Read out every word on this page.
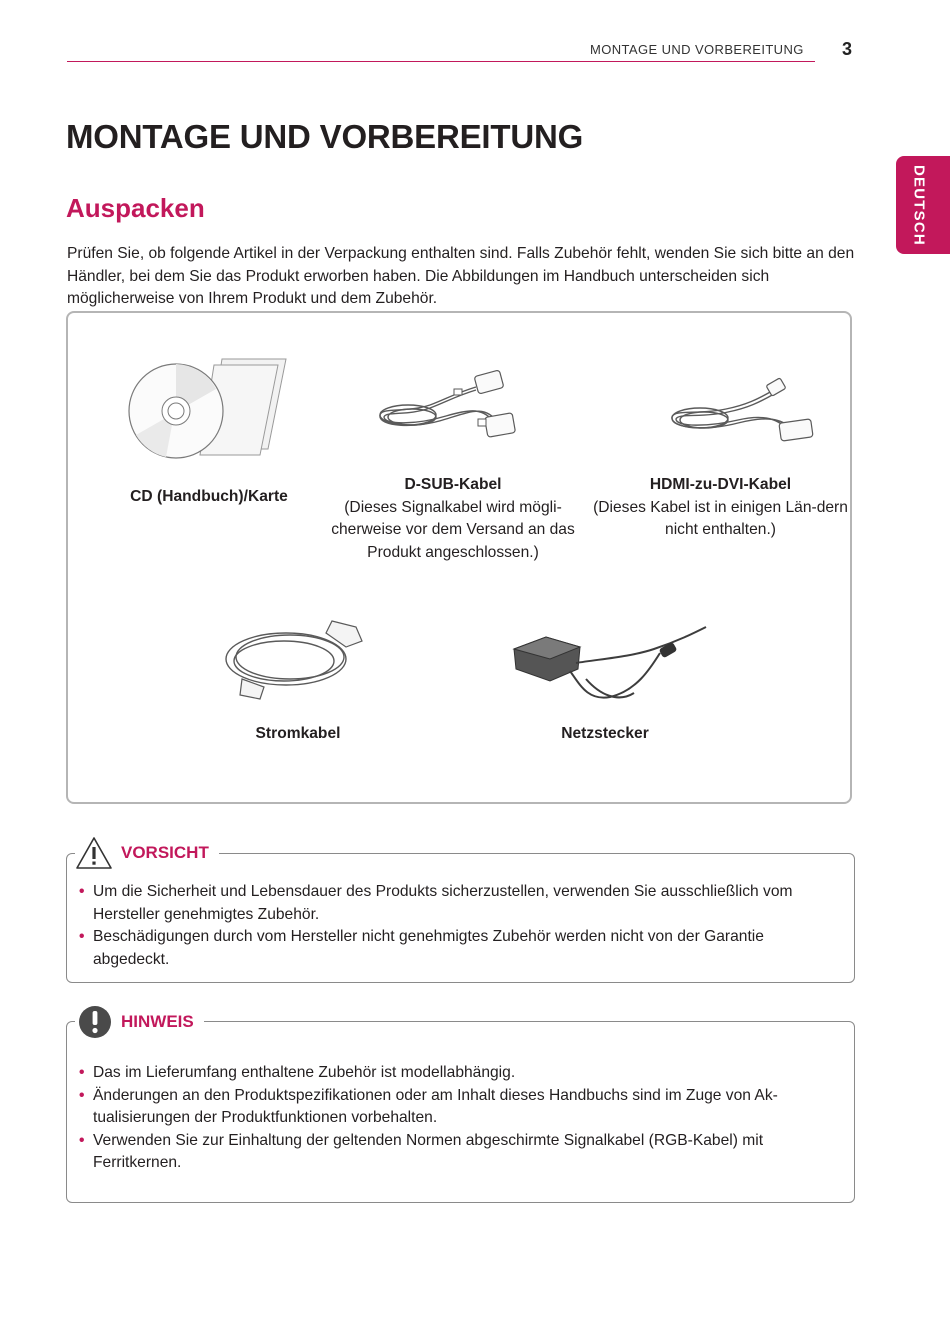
MONTAGE UND VORBEREITUNG 3
DEUTSCH
MONTAGE UND VORBEREITUNG
Auspacken
Prüfen Sie, ob folgende Artikel in der Verpackung enthalten sind. Falls Zubehör fehlt, wenden Sie sich bitte an den Händler, bei dem Sie das Produkt erworben haben. Die Abbildungen im Handbuch unterscheiden sich möglicherweise von Ihrem Produkt und dem Zubehör.
CD (Handbuch)/Karte
D-SUB-Kabel
(Dieses Signalkabel wird mögli-cherweise vor dem Versand an das Produkt angeschlossen.)
HDMI-zu-DVI-Kabel
(Dieses Kabel ist in einigen Län-dern nicht enthalten.)
Stromkabel	Netzstecker
VORSICHT
• Um die Sicherheit und Lebensdauer des Produkts sicherzustellen, verwenden Sie ausschließlich vom Hersteller genehmigtes Zubehör.
• Beschädigungen durch vom Hersteller nicht genehmigtes Zubehör werden nicht von der Garantie abgedeckt.
HINWEIS
• Das im Lieferumfang enthaltene Zubehör ist modellabhängig.
• Änderungen an den Produktspezifikationen oder am Inhalt dieses Handbuchs sind im Zuge von Ak-tualisierungen der Produktfunktionen vorbehalten.
• Verwenden Sie zur Einhaltung der geltenden Normen abgeschirmte Signalkabel (RGB-Kabel) mit Ferritkernen.
